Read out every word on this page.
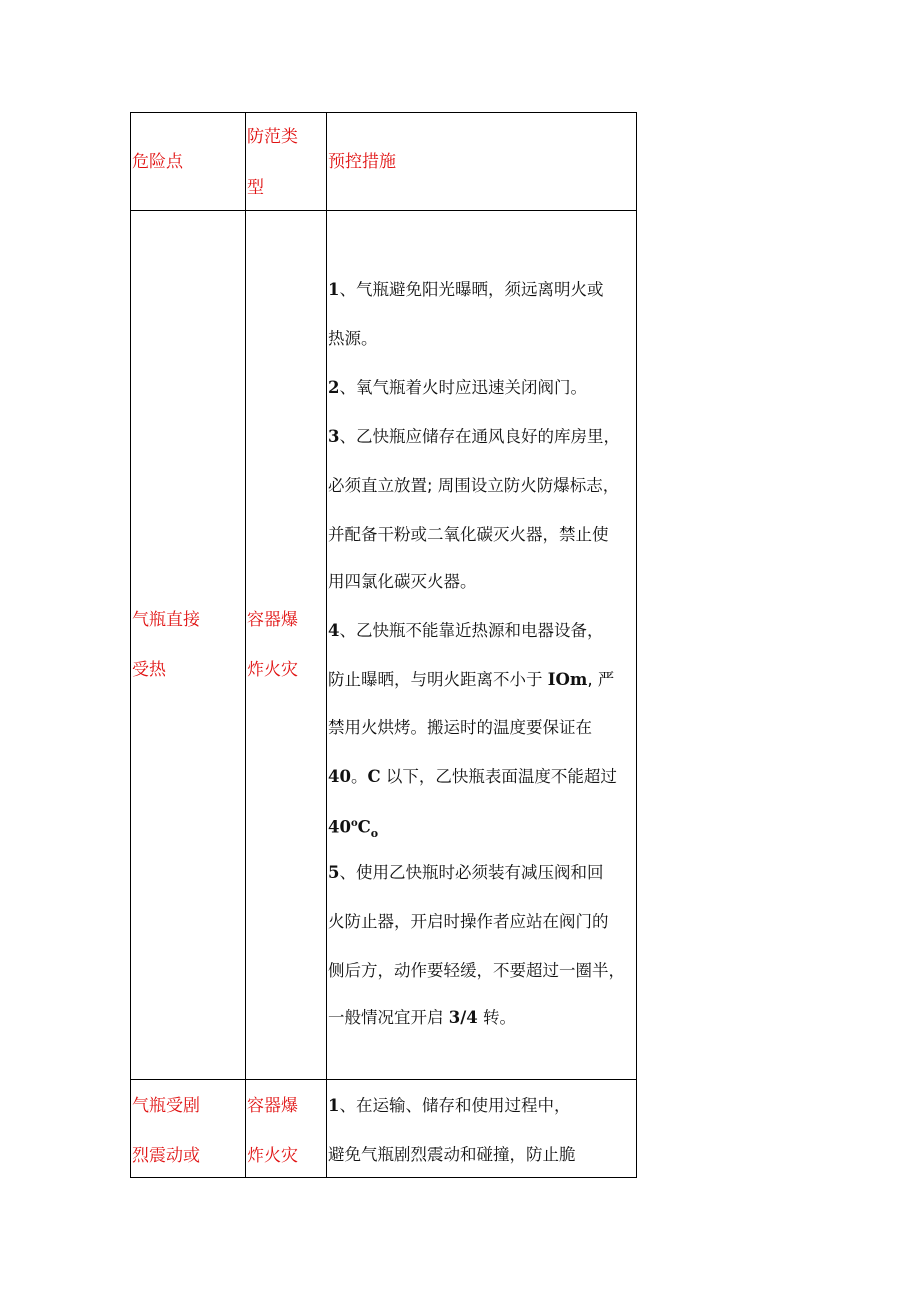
危险点
防范类
型
预控措施
气瓶直接
受热
容器爆
炸火灾
1、气瓶避免阳光曝晒，须远离明火或
热源。
2、氧气瓶着火时应迅速关闭阀门。
3、乙快瓶应储存在通风良好的库房里，
必须直立放置; 周围设立防火防爆标志，
并配备干粉或二氧化碳灭火器，禁止使
用四氯化碳灭火器。
4、乙快瓶不能靠近热源和电器设备，
防止曝晒，与明火距离不小于 IOm, 严
禁用火烘烤。搬运时的温度要保证在
40。C 以下，乙快瓶表面温度不能超过
$40^oC_o$
5、使用乙快瓶时必须装有减压阀和回
火防止器，开启时操作者应站在阀门的
侧后方，动作要轻缓，不要超过一圈半，
一般情况宜开启 3/4 转。
气瓶受剧
烈震动或
容器爆
炸火灾
1、在运输、储存和使用过程中，
避免气瓶剧烈震动和碰撞，防止脆
